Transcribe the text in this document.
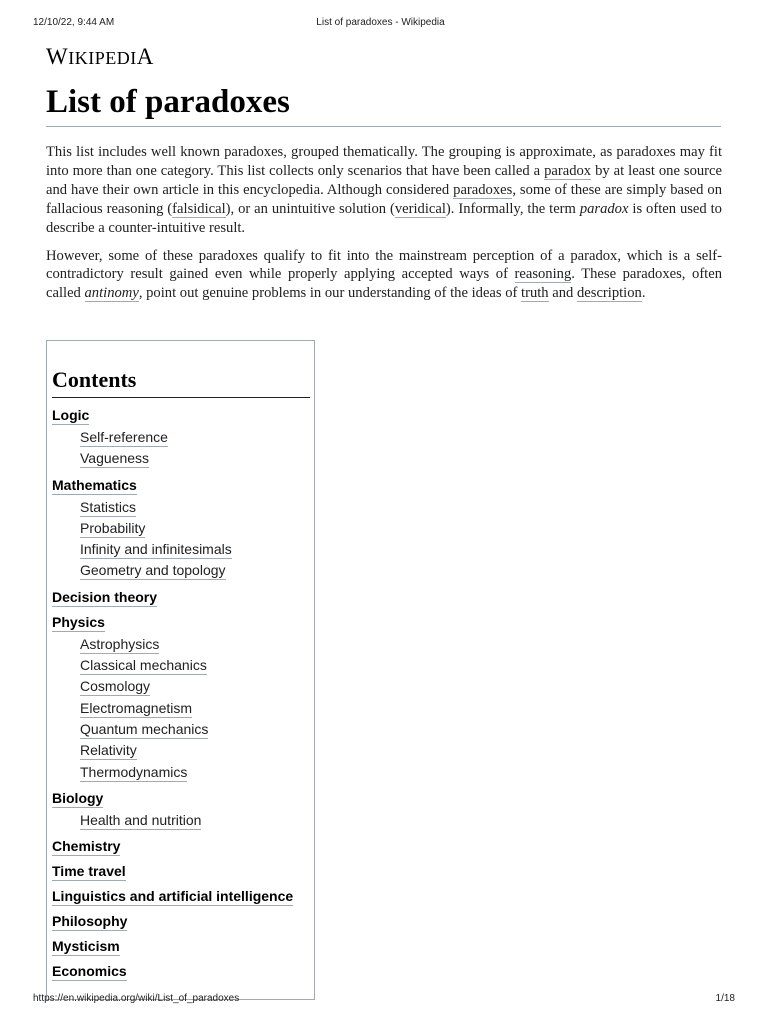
12/10/22, 9:44 AM	List of paradoxes - Wikipedia
WIKIPEDIA
List of paradoxes

This list includes well known paradoxes, grouped thematically. The grouping is approximate, as paradoxes may fit into more than one category. This list collects only scenarios that have been called a paradox by at least one source and have their own article in this encyclopedia. Although considered paradoxes, some of these are simply based on fallacious reasoning (falsidical), or an unintuitive solution (veridical). Informally, the term paradox is often used to describe a counter-intuitive result.

However, some of these paradoxes qualify to fit into the mainstream perception of a paradox, which is a self-contradictory result gained even while properly applying accepted ways of reasoning. These paradoxes, often called antinomy, point out genuine problems in our understanding of the ideas of truth and description.

Contents
Logic
Self-reference
Vagueness
Mathematics
Statistics
Probability
Infinity and infinitesimals
Geometry and topology
Decision theory
Physics
Astrophysics
Classical mechanics
Cosmology
Electromagnetism
Quantum mechanics
Relativity
Thermodynamics
Biology
Health and nutrition
Chemistry
Time travel
Linguistics and artificial intelligence
Philosophy
Mysticism
Economics
https://en.wikipedia.org/wiki/List_of_paradoxes	1/18
